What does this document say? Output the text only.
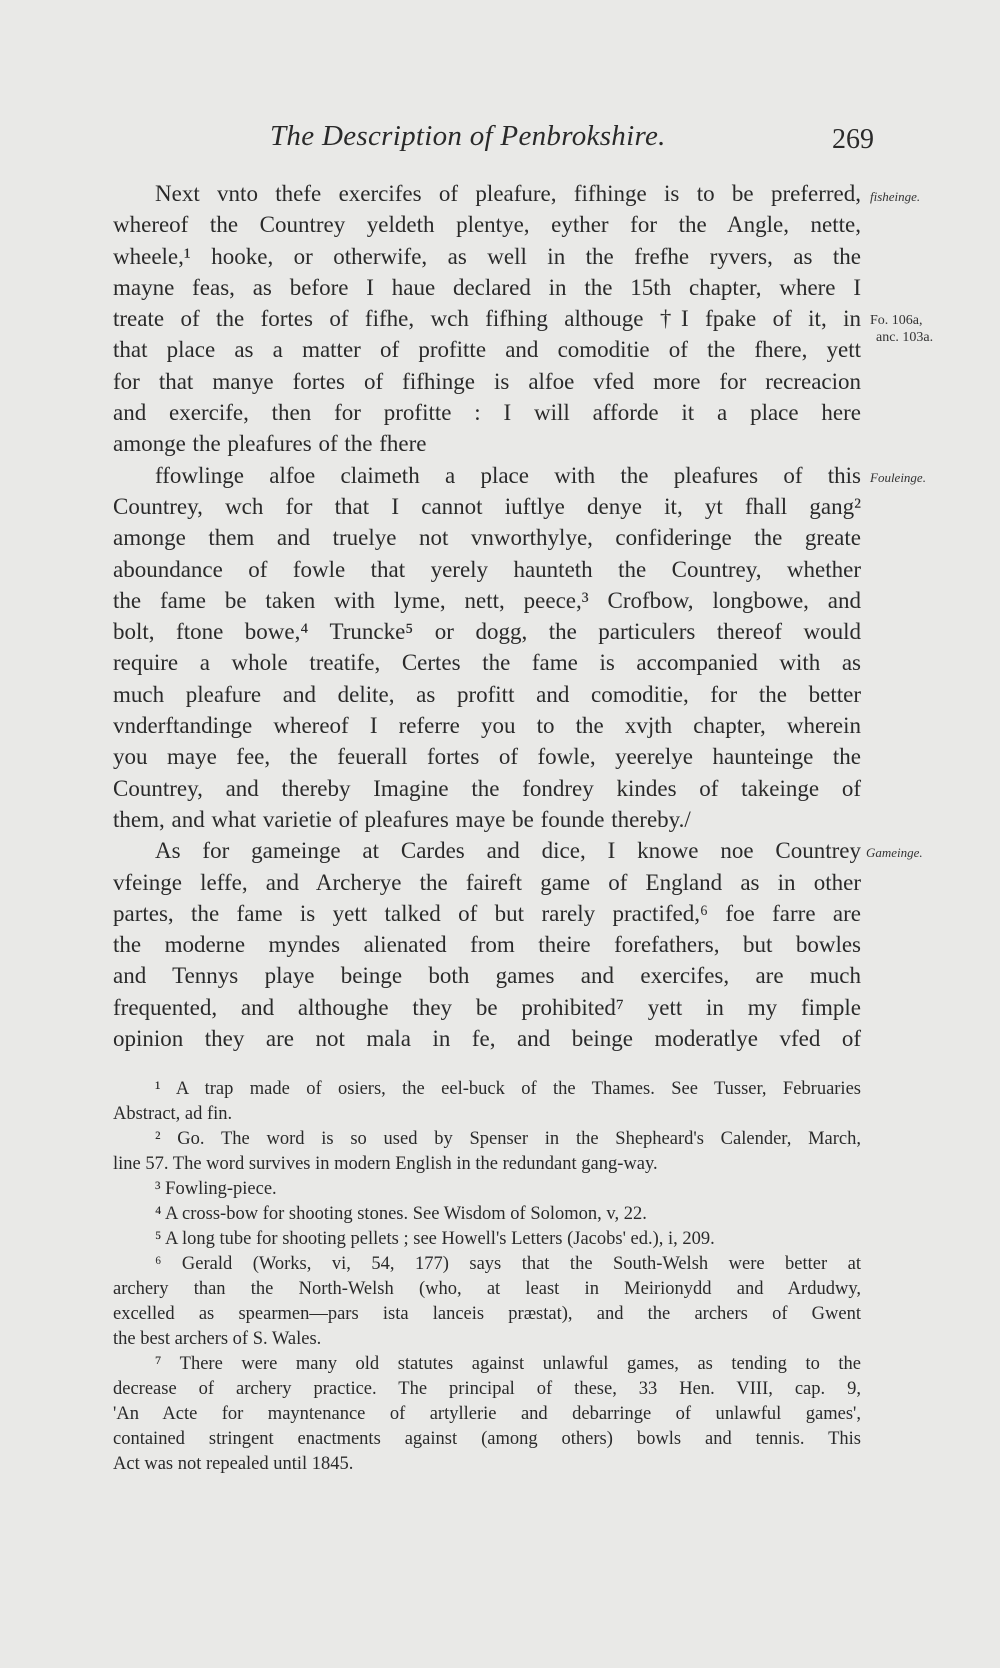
The Description of Penbrokshire.	269
fisheinge.
Fo. 106a,
anc. 103a.
Fouleinge.
Gameinge.
Next vnto thefe exercifes of pleafure, fifhinge is to be preferred,
whereof the Countrey yeldeth plentye, eyther for the Angle, nette,
wheele,¹ hooke, or otherwife, as well in the frefhe ryvers, as the
mayne feas, as before I haue declared in the 15th chapter, where I
treate of the fortes of fifhe, wch fifhing althouge †I fpake of it, in
that place as a matter of profitte and comoditie of the fhere, yett
for that manye fortes of fifhinge is alfoe vfed more for recreacion
and exercife, then for profitte : I will afforde it a place here
amonge the pleafures of the fhere
ffowlinge alfoe claimeth a place with the pleafures of this
Countrey, wch for that I cannot iuftlye denye it, yt fhall gang²
amonge them and truelye not vnworthylye, confideringe the greate
aboundance of fowle that yerely haunteth the Countrey, whether
the fame be taken with lyme, nett, peece,³ Crofbow, longbowe, and
bolt, ftone bowe,⁴ Truncke⁵ or dogg, the particulers thereof would
require a whole treatife, Certes the fame is accompanied with as
much pleafure and delite, as profitt and comoditie, for the better
vnderftandinge whereof I referre you to the xvjth chapter, wherein
you maye fee, the feuerall fortes of fowle, yeerelye haunteinge the
Countrey, and thereby Imagine the fondrey kindes of takeinge of
them, and what varietie of pleafures maye be founde thereby./
As for gameinge at Cardes and dice, I knowe noe Countrey
vfeinge leffe, and Archerye the faireft game of England as in other
partes, the fame is yett talked of but rarely practifed,⁶ foe farre are
the moderne myndes alienated from theire forefathers, but bowles
and Tennys playe beinge both games and exercifes, are much
frequented, and althoughe they be prohibited⁷ yett in my fimple
opinion they are not mala in fe, and beinge moderatlye vfed of
¹ A trap made of osiers, the eel-buck of the Thames. See Tusser, Februaries
Abstract, ad fin.
² Go. The word is so used by Spenser in the Shepheard's Calender, March,
line 57. The word survives in modern English in the redundant gang-way.
³ Fowling-piece.
⁴ A cross-bow for shooting stones. See Wisdom of Solomon, v, 22.
⁵ A long tube for shooting pellets ; see Howell's Letters (Jacobs' ed.), i, 209.
⁶ Gerald (Works, vi, 54, 177) says that the South-Welsh were better at
archery than the North-Welsh (who, at least in Meirionydd and Ardudwy,
excelled as spearmen—pars ista lanceis præstat), and the archers of Gwent
the best archers of S. Wales.
⁷ There were many old statutes against unlawful games, as tending to the
decrease of archery practice. The principal of these, 33 Hen. VIII, cap. 9,
'An Acte for mayntenance of artyllerie and debarringe of unlawful games',
contained stringent enactments against (among others) bowls and tennis. This
Act was not repealed until 1845.
